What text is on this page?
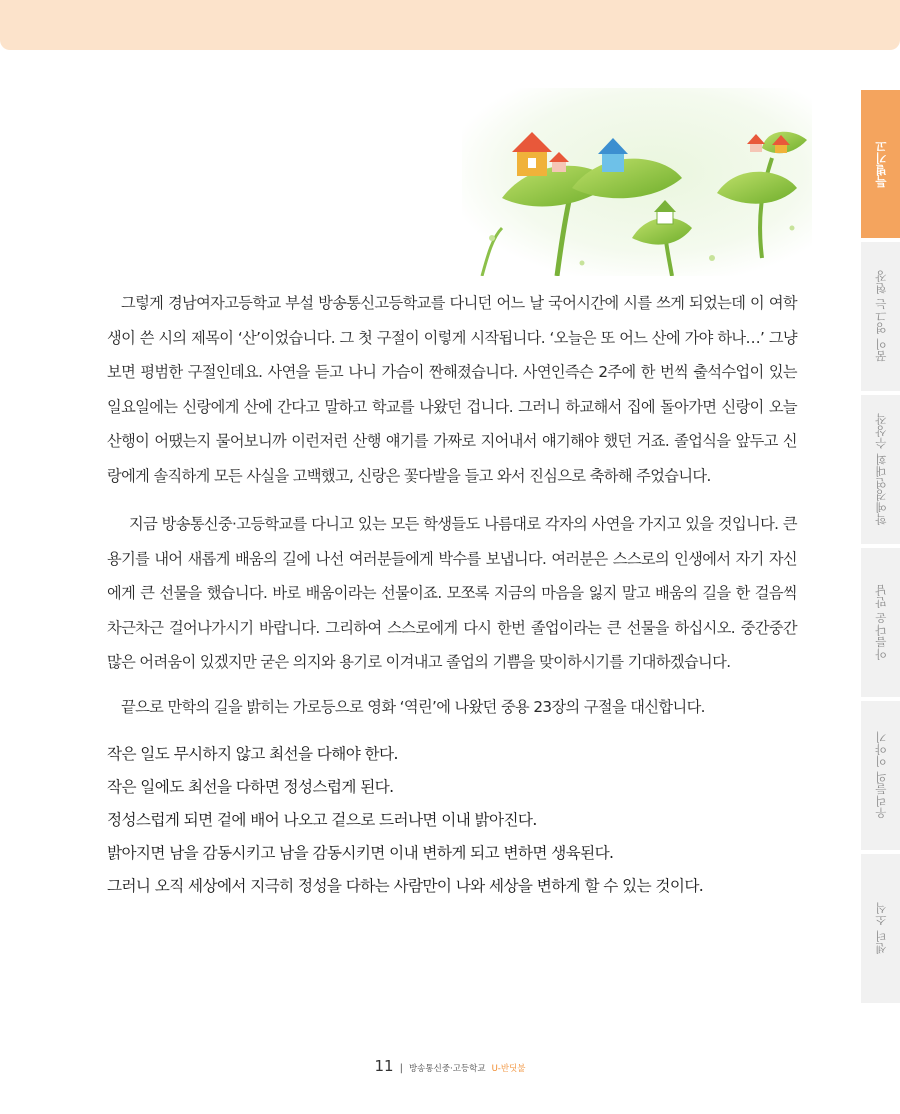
그렇게 경남여자고등학교 부설 방송통신고등학교를 다니던 어느 날 국어시간에 시를 쓰게 되었는데 이 여학생이 쓴 시의 제목이 ‘산’이었습니다. 그 첫 구절이 이렇게 시작됩니다. ‘오늘은 또 어느 산에 가야 하나…’ 그냥 보면 평범한 구절인데요. 사연을 듣고 나니 가슴이 짠해졌습니다. 사연인즉슨 2주에 한 번씩 출석수업이 있는 일요일에는 신랑에게 산에 간다고 말하고 학교를 나왔던 겁니다. 그러니 하교해서 집에 돌아가면 신랑이 오늘 산행이 어땠는지 물어보니까 이런저런 산행 얘기를 가짜로 지어내서 얘기해야 했던 거죠. 졸업식을 앞두고 신랑에게 솔직하게 모든 사실을 고백했고, 신랑은 꽃다발을 들고 와서 진심으로 축하해 주었습니다.

지금 방송통신중·고등학교를 다니고 있는 모든 학생들도 나름대로 각자의 사연을 가지고 있을 것입니다. 큰 용기를 내어 새롭게 배움의 길에 나선 여러분들에게 박수를 보냅니다. 여러분은 스스로의 인생에서 자기 자신에게 큰 선물을 했습니다. 바로 배움이라는 선물이죠. 모쪼록 지금의 마음을 잃지 말고 배움의 길을 한 걸음씩 차근차근 걸어나가시기 바랍니다. 그리하여 스스로에게 다시 한번 졸업이라는 큰 선물을 하십시오. 중간중간 많은 어려움이 있겠지만 굳은 의지와 용기로 이겨내고 졸업의 기쁨을 맞이하시기를 기대하겠습니다.

끝으로 만학의 길을 밝히는 가로등으로 영화 ‘역린’에 나왔던 중용 23장의 구절을 대신합니다.

작은 일도 무시하지 않고 최선을 다해야 한다.
작은 일에도 최선을 다하면 정성스럽게 된다.
정성스럽게 되면 겉에 배어 나오고 겉으로 드러나면 이내 밝아진다.
밝아지면 남을 감동시키고 남을 감동시키면 이내 변하게 되고 변하면 생육된다.
그러니 오직 세상에서 지극히 정성을 다하는 사람만이 나와 세상을 변하게 할 수 있는 것이다.
특별기고
꿈이 영그는 현장
학예경연대회 수상작
아름다운 만남
우리들의 이야기
센터 소식
11 | 방송통신중·고등학교 U-반딧불
